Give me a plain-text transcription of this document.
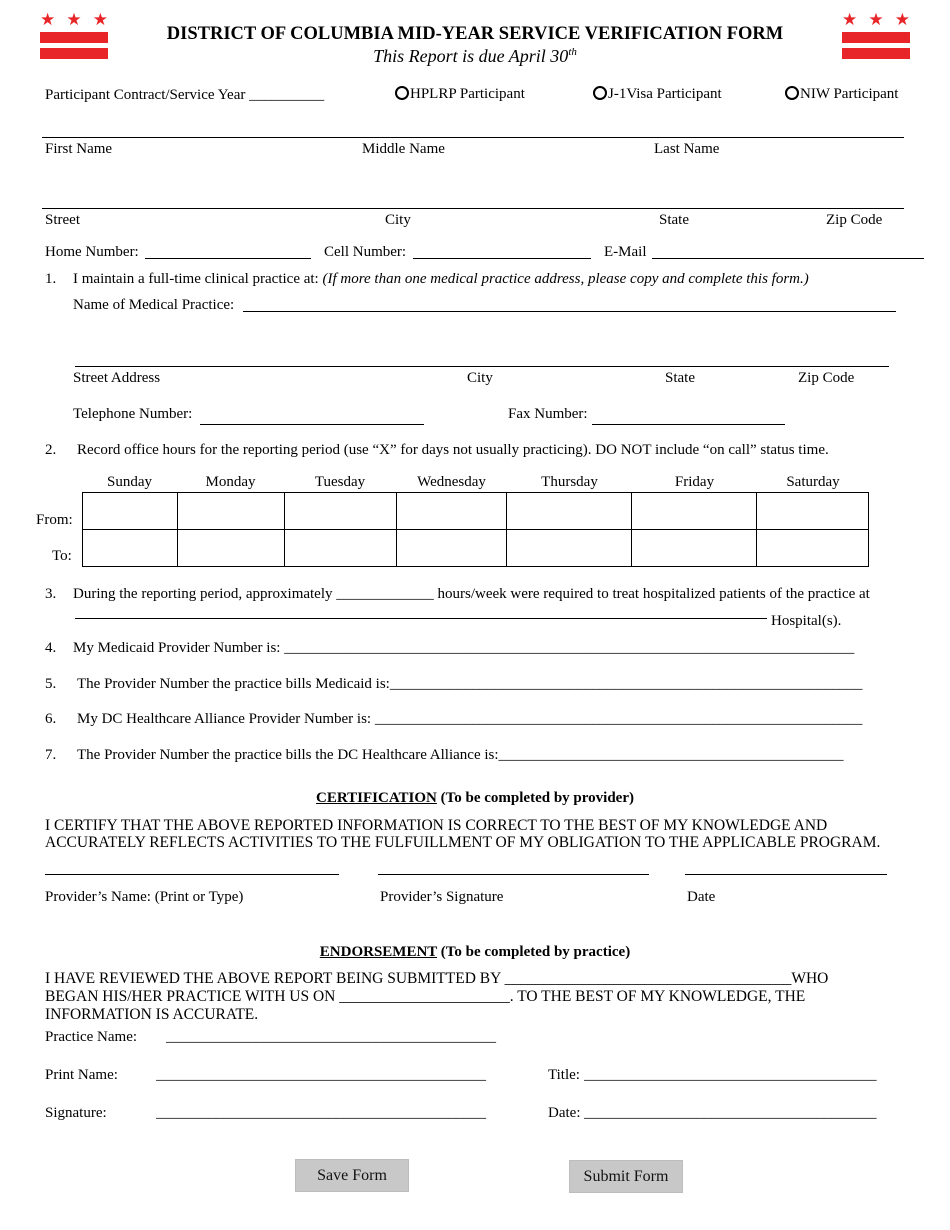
★ ★ ★	★ ★ ★
DISTRICT OF COLUMBIA MID-YEAR SERVICE VERIFICATION FORM
This Report is due April 30th
Participant Contract/Service Year __________	HPLRP Participant	J-1Visa Participant	NIW Participant
First Name	Middle Name	Last Name
Street	City	State	Zip Code
Home Number:	Cell Number:	E-Mail
1. I maintain a full-time clinical practice at: (If more than one medical practice address, please copy and complete this form.)
Name of Medical Practice:
Street Address	City	State	Zip Code
Telephone Number:	Fax Number:
2. Record office hours for the reporting period (use “X” for days not usually practicing). DO NOT include “on call” status time.
Sunday	Monday	Tuesday	Wednesday	Thursday	Friday	Saturday
From:
To:

3. During the reporting period, approximately _____________ hours/week were required to treat hospitalized patients of the practice at
Hospital(s).
4. My Medicaid Provider Number is: ____________________________________________________________________________
5. The Provider Number the practice bills Medicaid is:_______________________________________________________________
6. My DC Healthcare Alliance Provider Number is: _________________________________________________________________
7. The Provider Number the practice bills the DC Healthcare Alliance is:______________________________________________
CERTIFICATION (To be completed by provider)
I CERTIFY THAT THE ABOVE REPORTED INFORMATION IS CORRECT TO THE BEST OF MY KNOWLEDGE AND
ACCURATELY REFLECTS ACTIVITIES TO THE FULFUILLMENT OF MY OBLIGATION TO THE APPLICABLE PROGRAM.
Provider’s Name: (Print or Type)	Provider’s Signature	Date
ENDORSEMENT (To be completed by practice)
I HAVE REVIEWED THE ABOVE REPORT BEING SUBMITTED BY _____________________________________WHO
BEGAN HIS/HER PRACTICE WITH US ON ______________________. TO THE BEST OF MY KNOWLEDGE, THE
INFORMATION IS ACCURATE.
Practice Name: ____________________________________________
Print Name:	____________________________________________	Title: _______________________________________
Signature:	____________________________________________	Date: _______________________________________
Save Form	Submit Form
